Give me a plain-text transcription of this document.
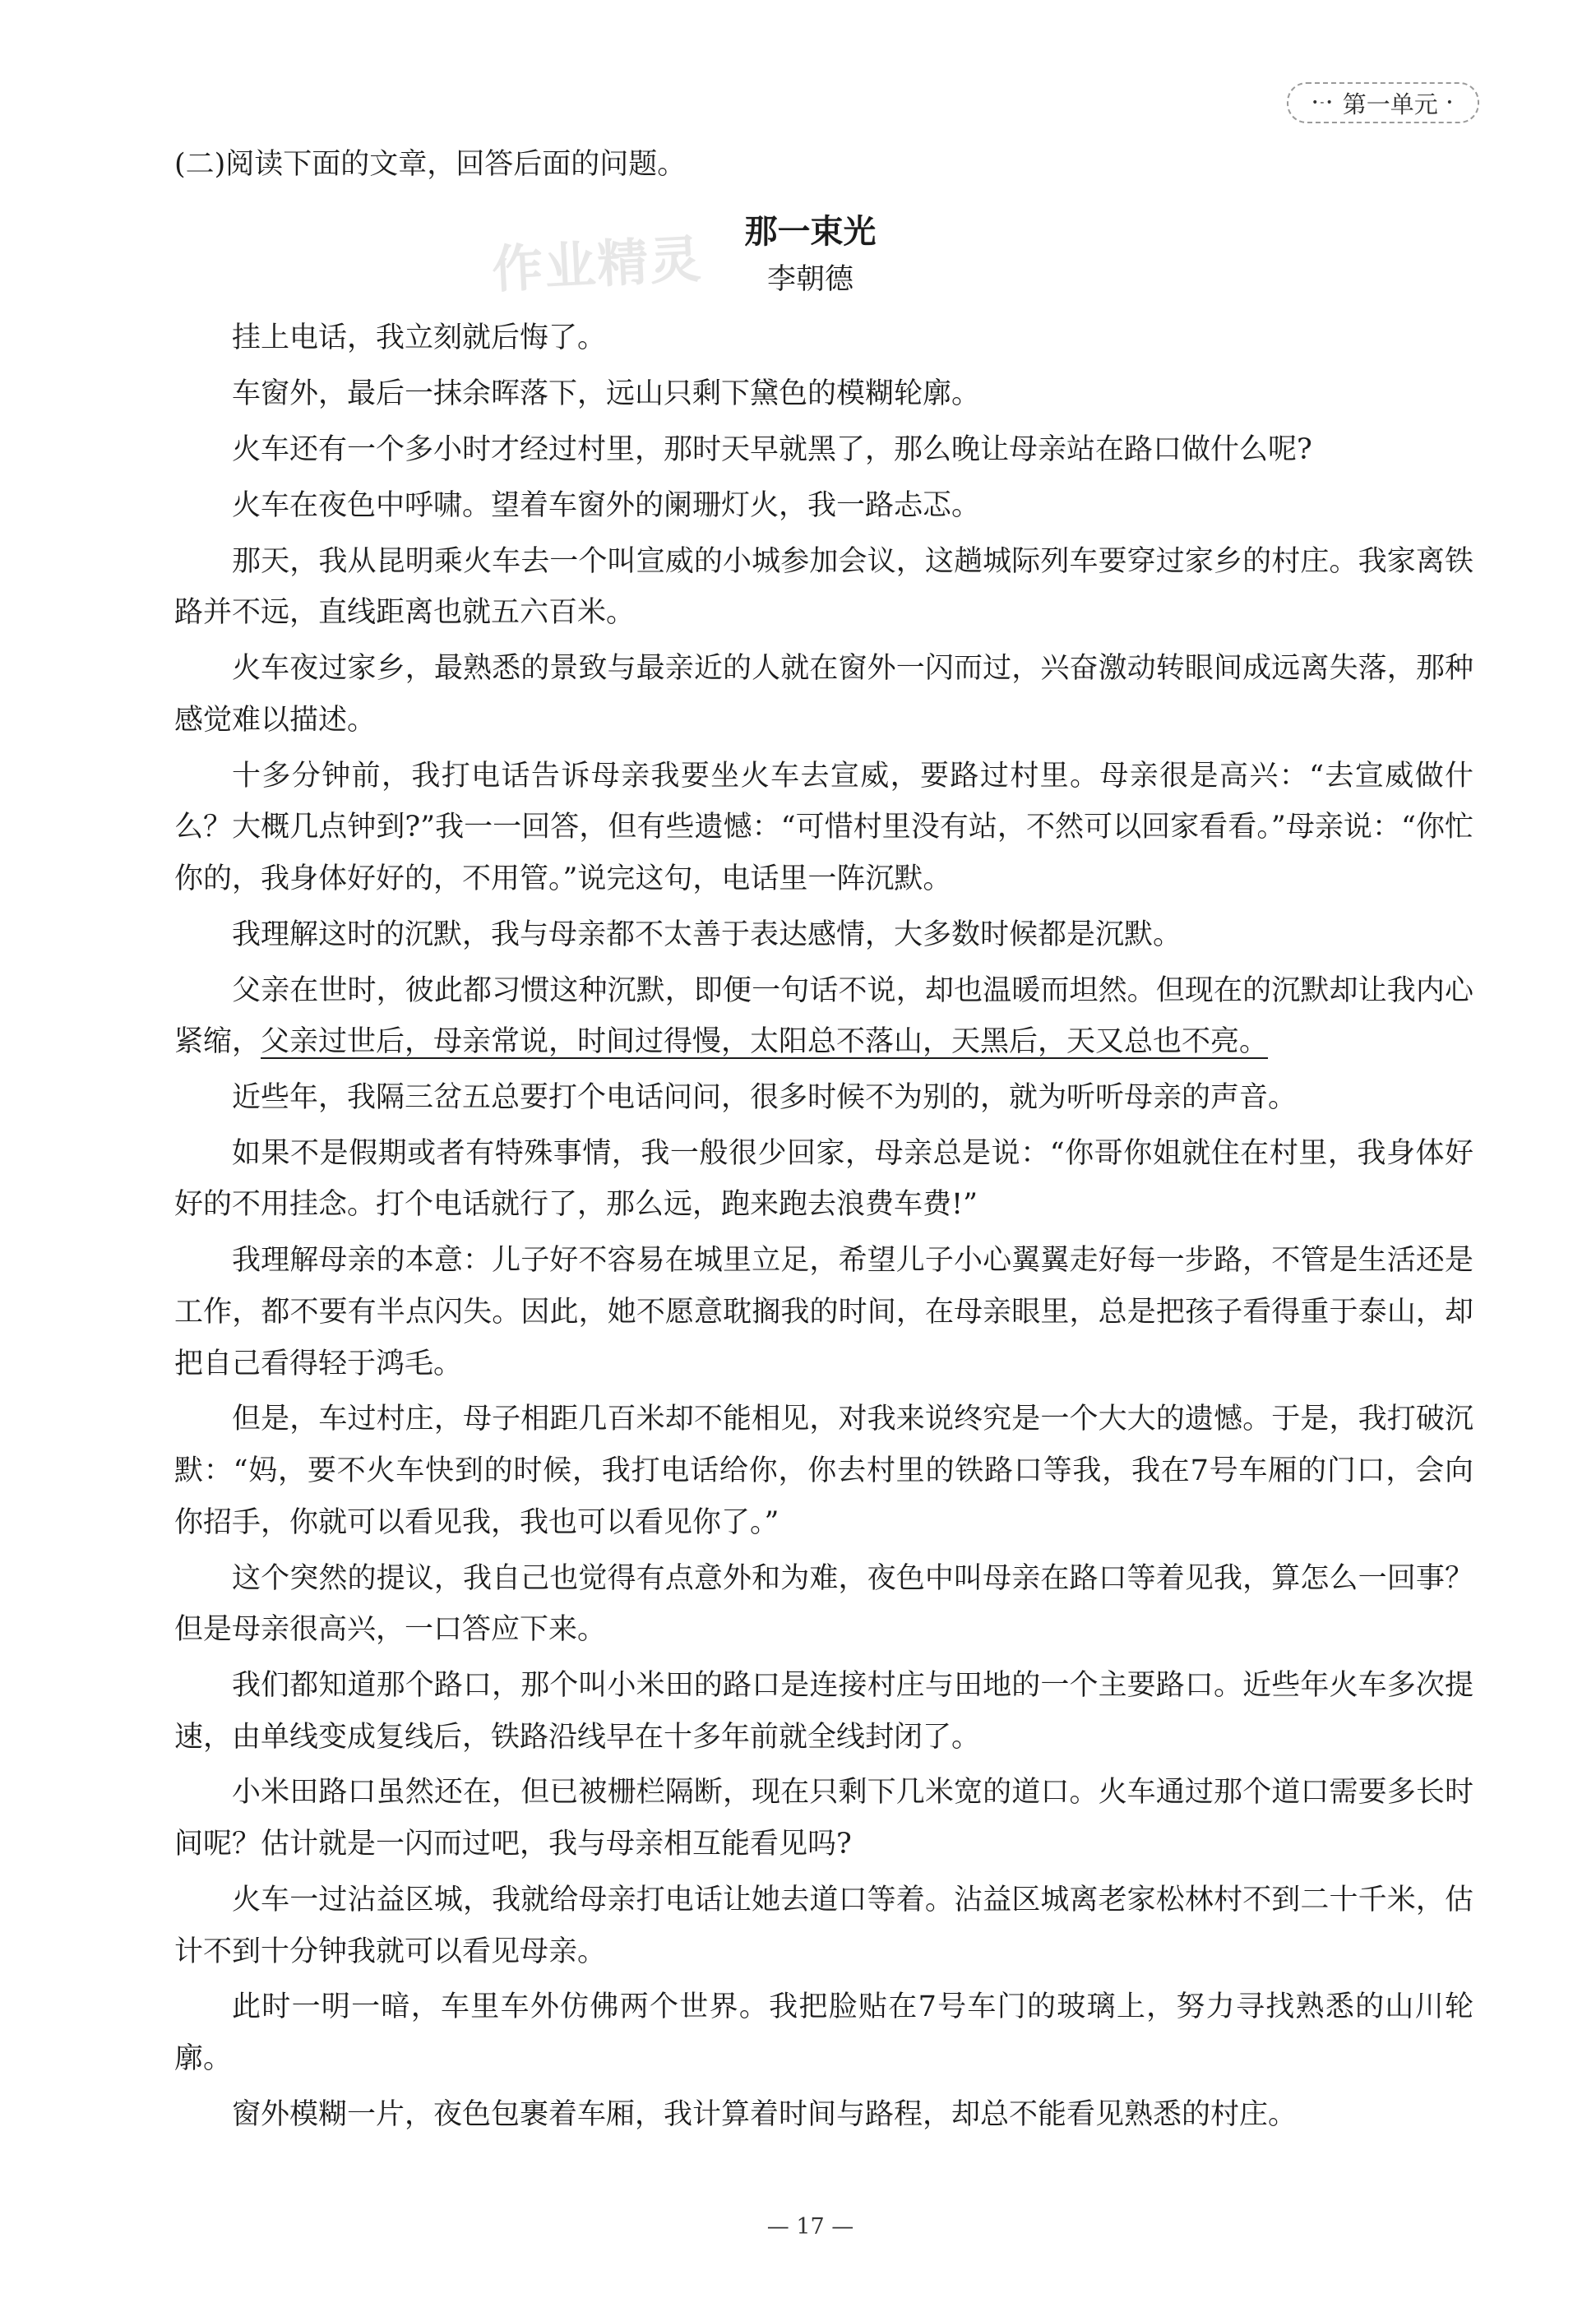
•-• 第一单元 •
(二)阅读下面的文章，回答后面的问题。
作业精灵	那一束光
李朝德

挂上电话，我立刻就后悔了。

车窗外，最后一抹余晖落下，远山只剩下黛色的模糊轮廓。

火车还有一个多小时才经过村里，那时天早就黑了，那么晚让母亲站在路口做什么呢?

火车在夜色中呼啸。望着车窗外的阑珊灯火，我一路忐忑。

那天，我从昆明乘火车去一个叫宣威的小城参加会议，这趟城际列车要穿过家乡的村庄。我家离铁路并不远，直线距离也就五六百米。

火车夜过家乡，最熟悉的景致与最亲近的人就在窗外一闪而过，兴奋激动转眼间成远离失落，那种感觉难以描述。

十多分钟前，我打电话告诉母亲我要坐火车去宣威，要路过村里。母亲很是高兴：“去宣威做什么？大概几点钟到?”我一一回答，但有些遗憾：“可惜村里没有站，不然可以回家看看。”母亲说：“你忙你的，我身体好好的，不用管。”说完这句，电话里一阵沉默。

我理解这时的沉默，我与母亲都不太善于表达感情，大多数时候都是沉默。

父亲在世时，彼此都习惯这种沉默，即便一句话不说，却也温暖而坦然。但现在的沉默却让我内心紧缩，父亲过世后，母亲常说，时间过得慢，太阳总不落山，天黑后，天又总也不亮。

近些年，我隔三岔五总要打个电话问问，很多时候不为别的，就为听听母亲的声音。

如果不是假期或者有特殊事情，我一般很少回家，母亲总是说：“你哥你姐就住在村里，我身体好好的不用挂念。打个电话就行了，那么远，跑来跑去浪费车费!”

我理解母亲的本意：儿子好不容易在城里立足，希望儿子小心翼翼走好每一步路，不管是生活还是工作，都不要有半点闪失。因此，她不愿意耽搁我的时间，在母亲眼里，总是把孩子看得重于泰山，却把自己看得轻于鸿毛。

但是，车过村庄，母子相距几百米却不能相见，对我来说终究是一个大大的遗憾。于是，我打破沉默：“妈，要不火车快到的时候，我打电话给你，你去村里的铁路口等我，我在7号车厢的门口，会向你招手，你就可以看见我，我也可以看见你了。”

这个突然的提议，我自己也觉得有点意外和为难，夜色中叫母亲在路口等着见我，算怎么一回事？但是母亲很高兴，一口答应下来。

我们都知道那个路口，那个叫小米田的路口是连接村庄与田地的一个主要路口。近些年火车多次提速，由单线变成复线后，铁路沿线早在十多年前就全线封闭了。

小米田路口虽然还在，但已被栅栏隔断，现在只剩下几米宽的道口。火车通过那个道口需要多长时间呢？估计就是一闪而过吧，我与母亲相互能看见吗?

火车一过沾益区城，我就给母亲打电话让她去道口等着。沾益区城离老家松林村不到二十千米，估计不到十分钟我就可以看见母亲。

此时一明一暗，车里车外仿佛两个世界。我把脸贴在7号车门的玻璃上，努力寻找熟悉的山川轮廓。

窗外模糊一片，夜色包裹着车厢，我计算着时间与路程，却总不能看见熟悉的村庄。

— 17 —
